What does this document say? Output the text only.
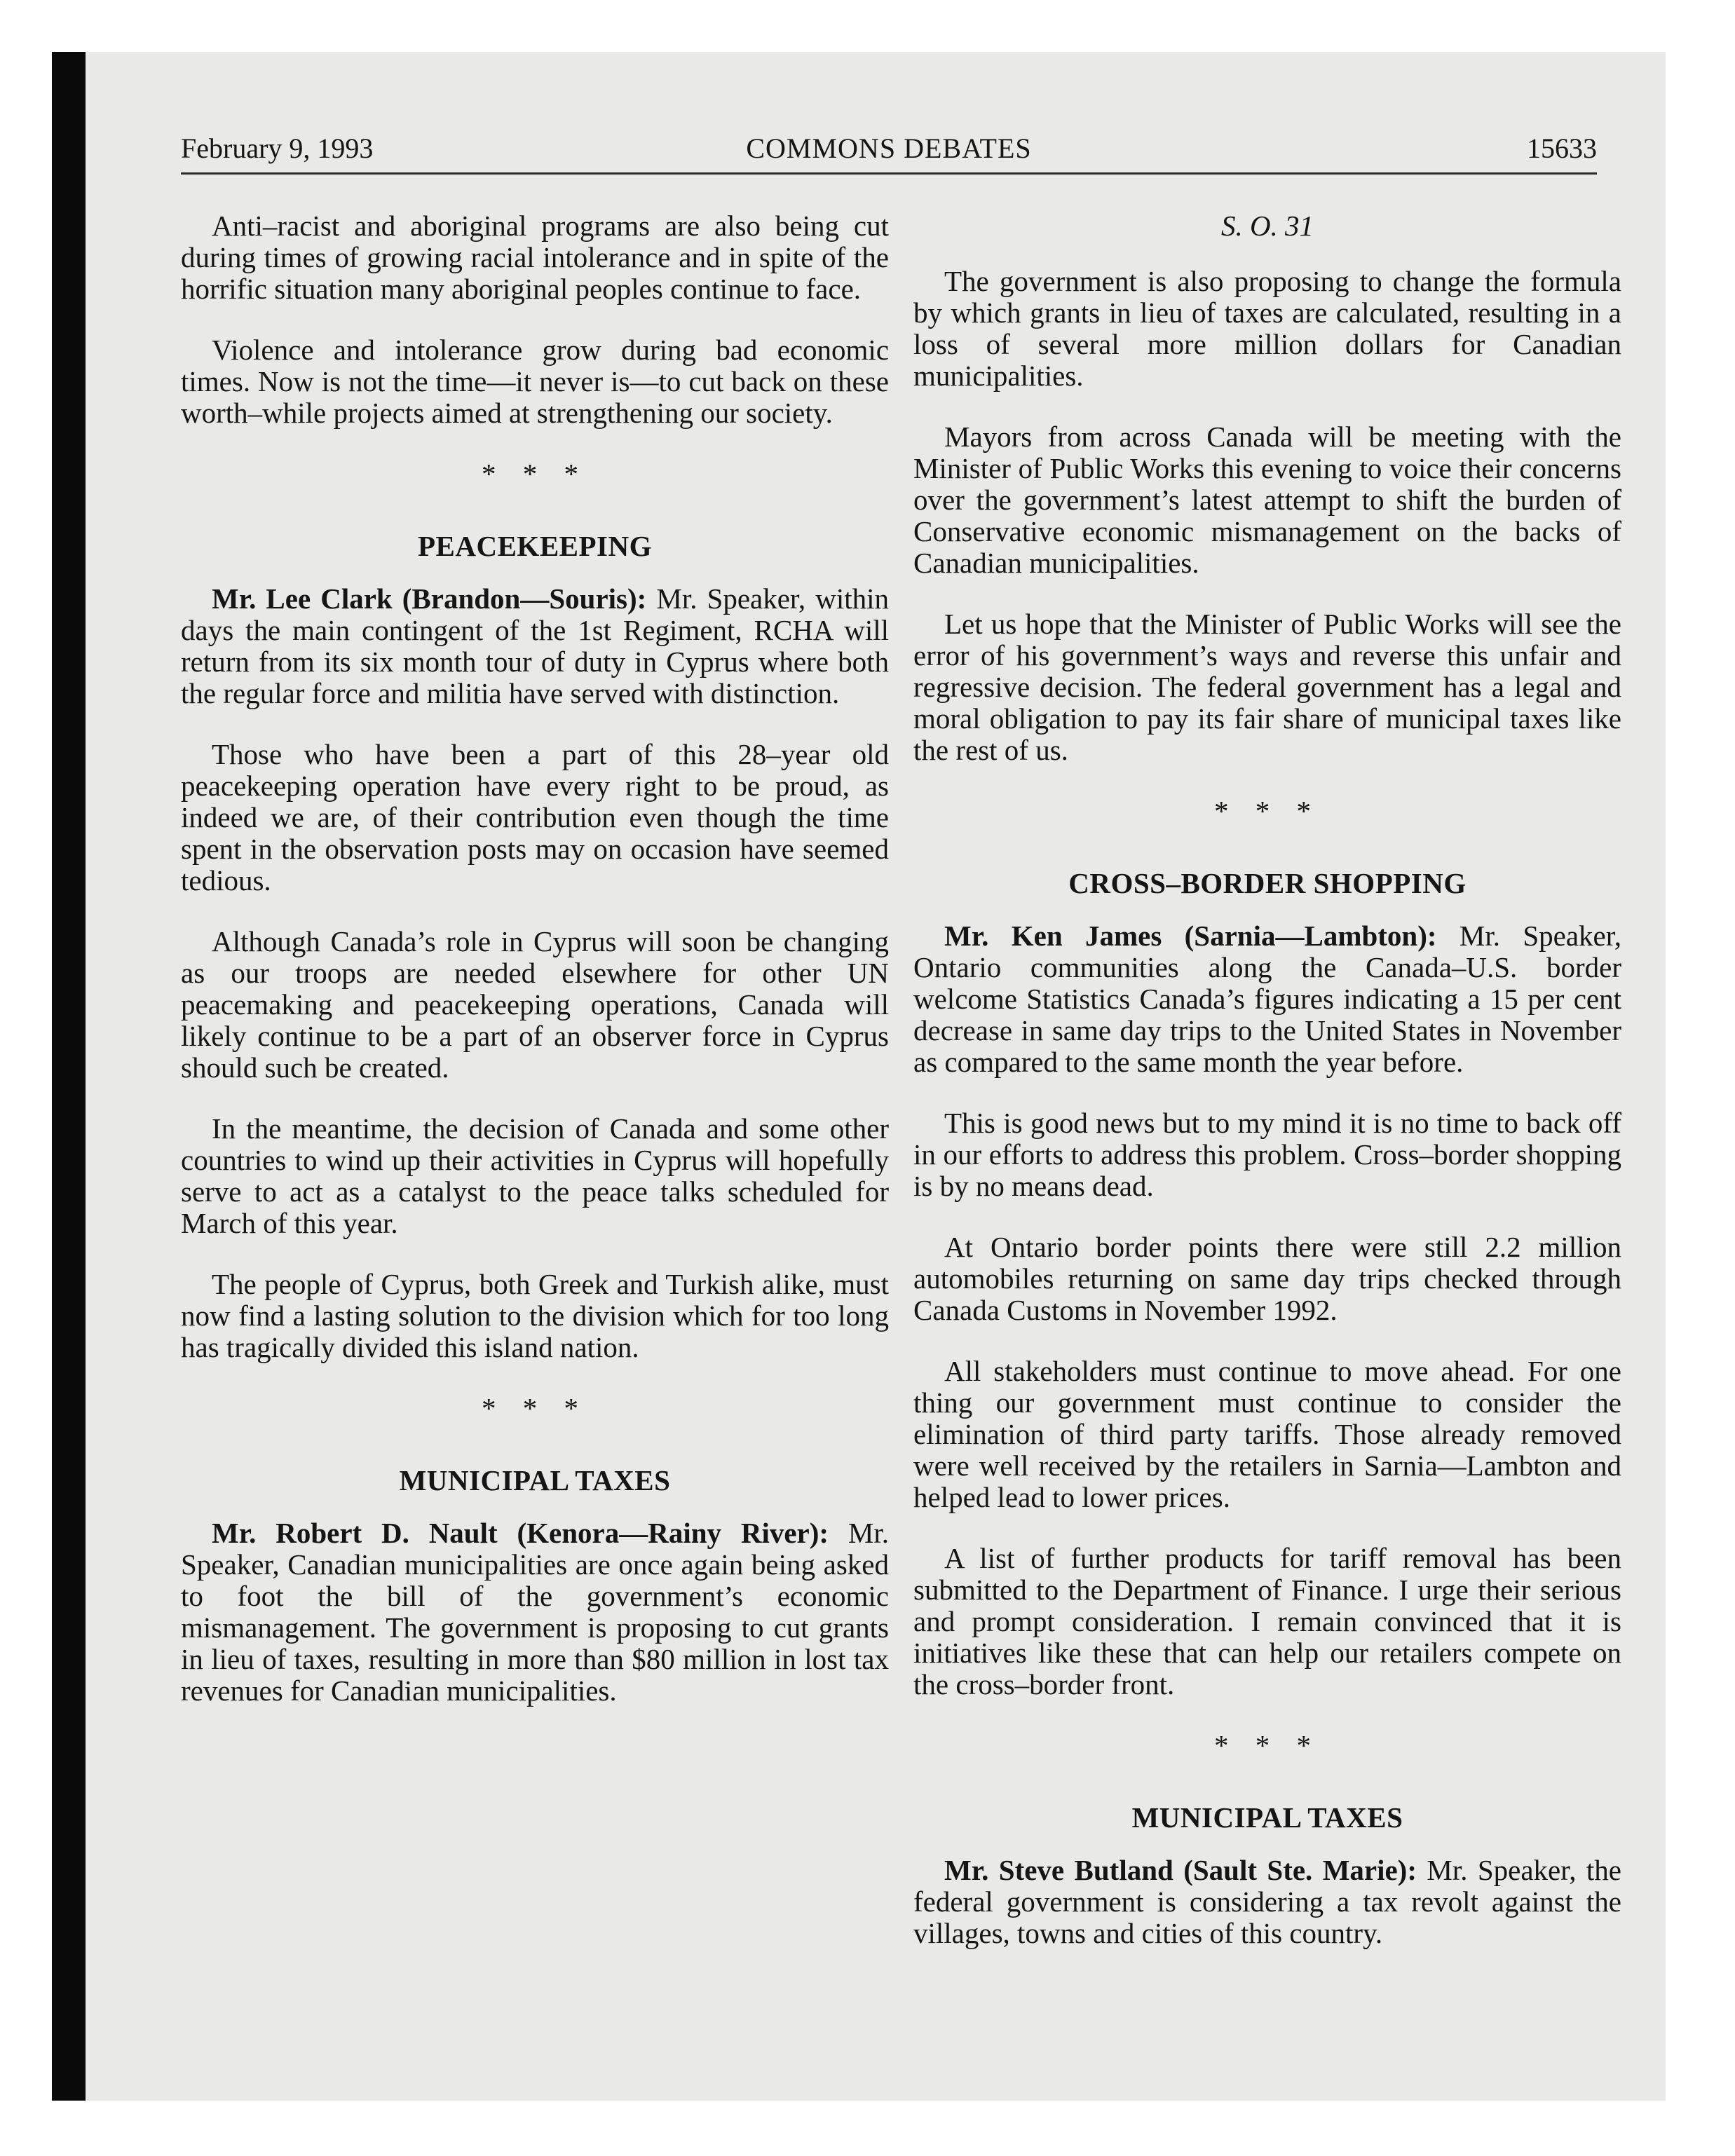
February 9, 1993	COMMONS DEBATES	15633

Anti–racist and aboriginal programs are also being cut during times of growing racial intolerance and in spite of the horrific situation many aboriginal peoples continue to face.

Violence and intolerance grow during bad economic times. Now is not the time—it never is—to cut back on these worth–while projects aimed at strengthening our society.

* * *
PEACEKEEPING

Mr. Lee Clark (Brandon—Souris): Mr. Speaker, within days the main contingent of the 1st Regiment, RCHA will return from its six month tour of duty in Cyprus where both the regular force and militia have served with distinction.

Those who have been a part of this 28–year old peacekeeping operation have every right to be proud, as indeed we are, of their contribution even though the time spent in the observation posts may on occasion have seemed tedious.

Although Canada’s role in Cyprus will soon be changing as our troops are needed elsewhere for other UN peacemaking and peacekeeping operations, Canada will likely continue to be a part of an observer force in Cyprus should such be created.

In the meantime, the decision of Canada and some other countries to wind up their activities in Cyprus will hopefully serve to act as a catalyst to the peace talks scheduled for March of this year.

The people of Cyprus, both Greek and Turkish alike, must now find a lasting solution to the division which for too long has tragically divided this island nation.

* * *
MUNICIPAL TAXES

Mr. Robert D. Nault (Kenora—Rainy River): Mr. Speaker, Canadian municipalities are once again being asked to foot the bill of the government’s economic mismanagement. The government is proposing to cut grants in lieu of taxes, resulting in more than $80 million in lost tax revenues for Canadian municipalities.

S. O. 31

The government is also proposing to change the formula by which grants in lieu of taxes are calculated, resulting in a loss of several more million dollars for Canadian municipalities.

Mayors from across Canada will be meeting with the Minister of Public Works this evening to voice their concerns over the government’s latest attempt to shift the burden of Conservative economic mismanagement on the backs of Canadian municipalities.

Let us hope that the Minister of Public Works will see the error of his government’s ways and reverse this unfair and regressive decision. The federal government has a legal and moral obligation to pay its fair share of municipal taxes like the rest of us.

* * *
CROSS–BORDER SHOPPING

Mr. Ken James (Sarnia—Lambton): Mr. Speaker, Ontario communities along the Canada–U.S. border welcome Statistics Canada’s figures indicating a 15 per cent decrease in same day trips to the United States in November as compared to the same month the year before.

This is good news but to my mind it is no time to back off in our efforts to address this problem. Cross–border shopping is by no means dead.

At Ontario border points there were still 2.2 million automobiles returning on same day trips checked through Canada Customs in November 1992.

All stakeholders must continue to move ahead. For one thing our government must continue to consider the elimination of third party tariffs. Those already removed were well received by the retailers in Sarnia—Lambton and helped lead to lower prices.

A list of further products for tariff removal has been submitted to the Department of Finance. I urge their serious and prompt consideration. I remain convinced that it is initiatives like these that can help our retailers compete on the cross–border front.

* * *
MUNICIPAL TAXES

Mr. Steve Butland (Sault Ste. Marie): Mr. Speaker, the federal government is considering a tax revolt against the villages, towns and cities of this country.
